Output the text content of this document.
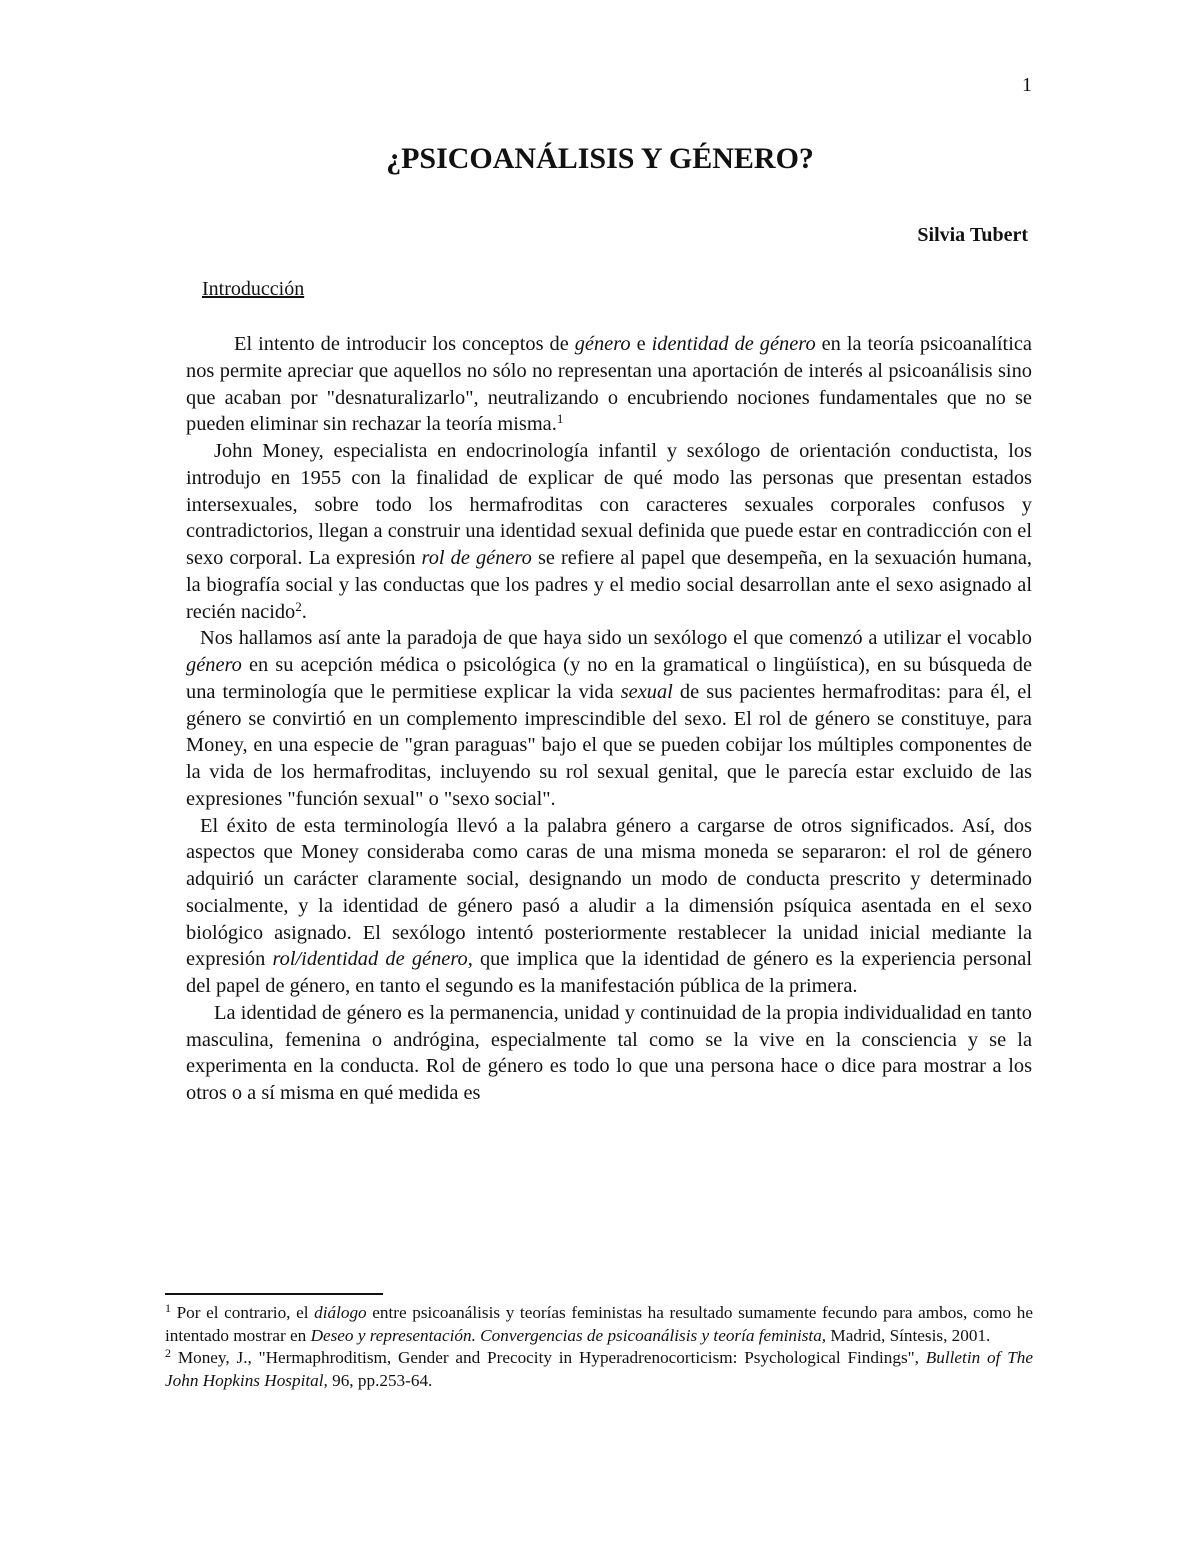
1
¿PSICOANÁLISIS Y GÉNERO?
Silvia Tubert
Introducción

El intento de introducir los conceptos de género e identidad de género en la teoría psicoanalítica nos permite apreciar que aquellos no sólo no representan una aportación de interés al psicoanálisis sino que acaban por "desnaturalizarlo", neutralizando o encubriendo nociones fundamentales que no se pueden eliminar sin rechazar la teoría misma.$^1$

John Money, especialista en endocrinología infantil y sexólogo de orientación conductista, los introdujo en 1955 con la finalidad de explicar de qué modo las personas que presentan estados intersexuales, sobre todo los hermafroditas con caracteres sexuales corporales confusos y contradictorios, llegan a construir una identidad sexual definida que puede estar en contradicción con el sexo corporal. La expresión rol de género se refiere al papel que desempeña, en la sexuación humana, la biografía social y las conductas que los padres y el medio social desarrollan ante el sexo asignado al recién nacido$^2$.

Nos hallamos así ante la paradoja de que haya sido un sexólogo el que comenzó a utilizar el vocablo género en su acepción médica o psicológica (y no en la gramatical o lingüística), en su búsqueda de una terminología que le permitiese explicar la vida sexual de sus pacientes hermafroditas: para él, el género se convirtió en un complemento imprescindible del sexo. El rol de género se constituye, para Money, en una especie de "gran paraguas" bajo el que se pueden cobijar los múltiples componentes de la vida de los hermafroditas, incluyendo su rol sexual genital, que le parecía estar excluido de las expresiones "función sexual" o "sexo social".

El éxito de esta terminología llevó a la palabra género a cargarse de otros significados. Así, dos aspectos que Money consideraba como caras de una misma moneda se separaron: el rol de género adquirió un carácter claramente social, designando un modo de conducta prescrito y determinado socialmente, y la identidad de género pasó a aludir a la dimensión psíquica asentada en el sexo biológico asignado. El sexólogo intentó posteriormente restablecer la unidad inicial mediante la expresión rol/identidad de género, que implica que la identidad de género es la experiencia personal del papel de género, en tanto el segundo es la manifestación pública de la primera.

La identidad de género es la permanencia, unidad y continuidad de la propia individualidad en tanto masculina, femenina o andrógina, especialmente tal como se la vive en la consciencia y se la experimenta en la conducta. Rol de género es todo lo que una persona hace o dice para mostrar a los otros o a sí misma en qué medida es

$^1$ Por el contrario, el diálogo entre psicoanálisis y teorías feministas ha resultado sumamente fecundo para ambos, como he intentado mostrar en Deseo y representación. Convergencias de psicoanálisis y teoría feminista, Madrid, Síntesis, 2001.

$^2$ Money, J., "Hermaphroditism, Gender and Precocity in Hyperadrenocorticism: Psychological Findings", Bulletin of The John Hopkins Hospital, 96, pp.253-64.
